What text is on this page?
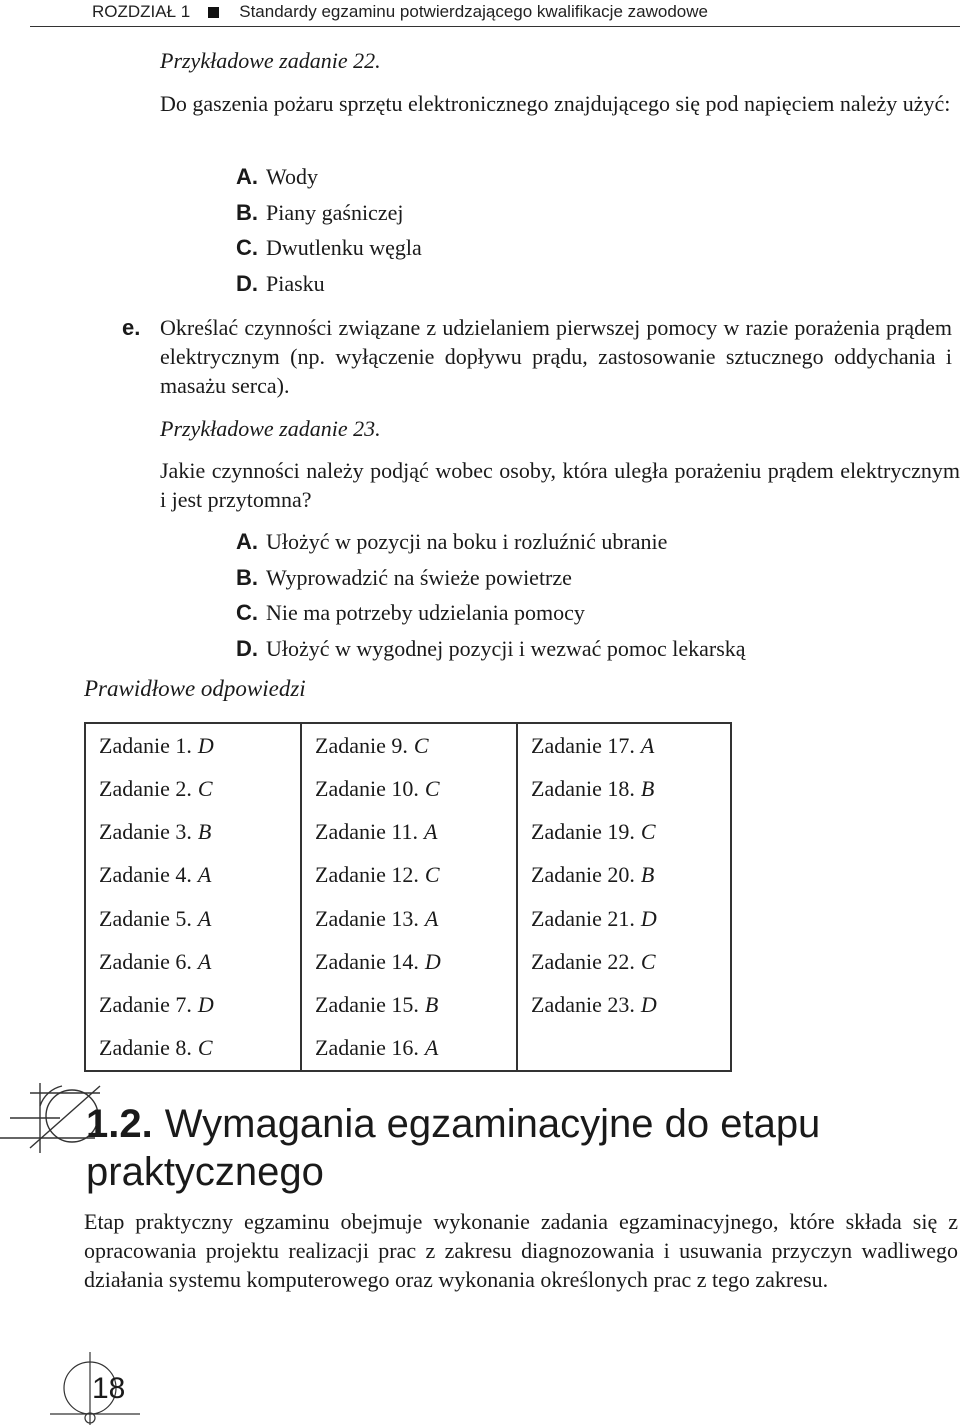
ROZDZIAŁ 1	Standardy egzaminu potwierdzającego kwalifikacje zawodowe
Przykładowe zadanie 22.
Do gaszenia pożaru sprzętu elektronicznego znajdującego się pod napięciem należy użyć:
A. Wody
B. Piany gaśniczej
C. Dwutlenku węgla
D. Piasku
e. Określać czynności związane z udzielaniem pierwszej pomocy w razie porażenia prądem elektrycznym (np. wyłączenie dopływu prądu, zastosowanie sztucznego oddychania i masażu serca).
Przykładowe zadanie 23.
Jakie czynności należy podjąć wobec osoby, która uległa porażeniu prądem elektrycznym i jest przytomna?
A. Ułożyć w pozycji na boku i rozluźnić ubranie
B. Wyprowadzić na świeże powietrze
C. Nie ma potrzeby udzielania pomocy
D. Ułożyć w wygodnej pozycji i wezwać pomoc lekarską
Prawidłowe odpowiedzi
Zadanie 1. D	Zadanie 9. C	Zadanie 17. A
Zadanie 2. C	Zadanie 10. C	Zadanie 18. B
Zadanie 3. B	Zadanie 11. A	Zadanie 19. C
Zadanie 4. A	Zadanie 12. C	Zadanie 20. B
Zadanie 5. A	Zadanie 13. A	Zadanie 21. D
Zadanie 6. A	Zadanie 14. D	Zadanie 22. C
Zadanie 7. D	Zadanie 15. B	Zadanie 23. D
Zadanie 8. C	Zadanie 16. A
1.2. Wymagania egzaminacyjne do etapu praktycznego
Etap praktyczny egzaminu obejmuje wykonanie zadania egzaminacyjnego, które składa się z opracowania projektu realizacji prac z zakresu diagnozowania i usuwania przyczyn wadliwego działania systemu komputerowego oraz wykonania określonych prac z tego zakresu.
18
